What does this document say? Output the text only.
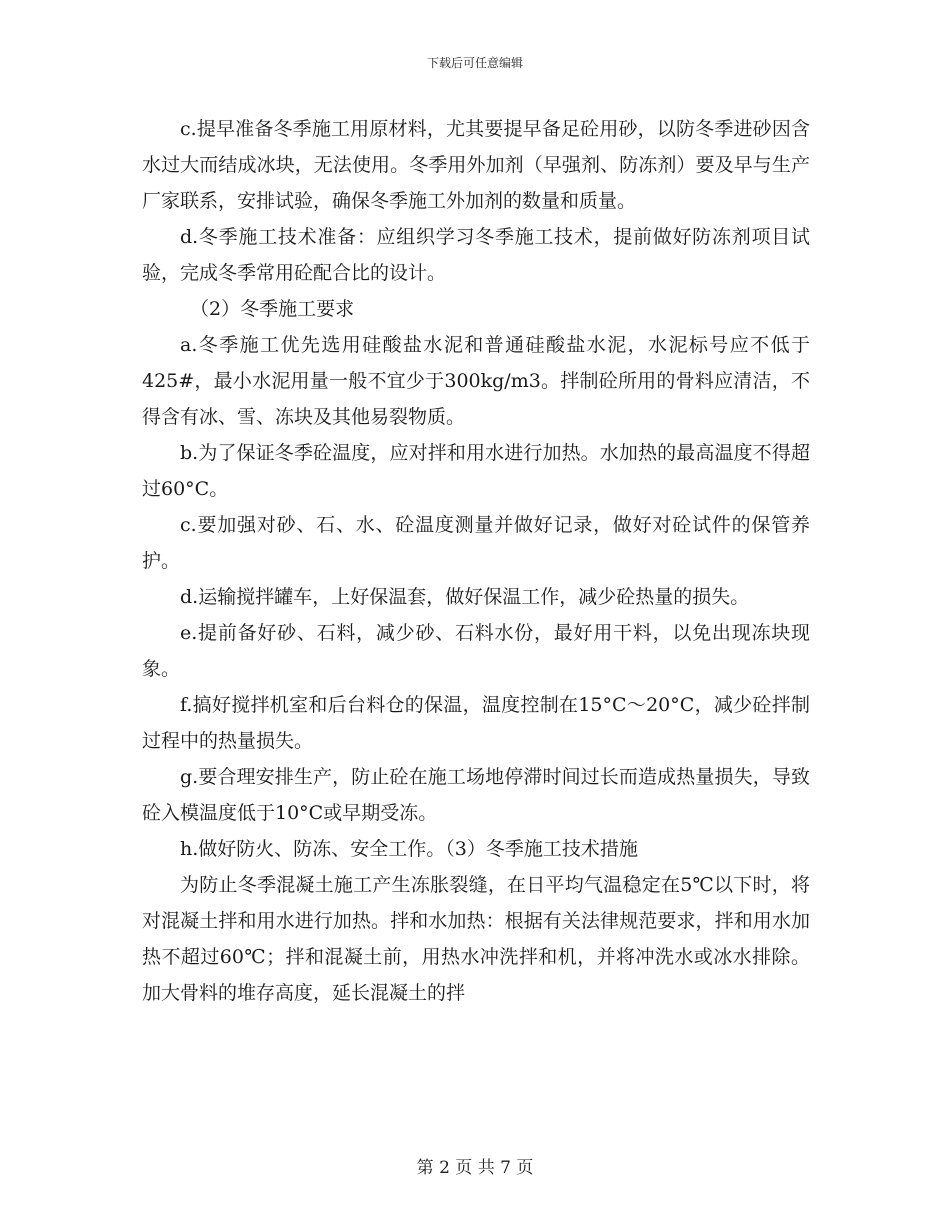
下载后可任意编辑

c.提早准备冬季施工用原材料，尤其要提早备足砼用砂，以防冬季进砂因含水过大而结成冰块，无法使用。冬季用外加剂（早强剂、防冻剂）要及早与生产厂家联系，安排试验，确保冬季施工外加剂的数量和质量。

d.冬季施工技术准备：应组织学习冬季施工技术，提前做好防冻剂项目试验，完成冬季常用砼配合比的设计。

（2）冬季施工要求

a.冬季施工优先选用硅酸盐水泥和普通硅酸盐水泥，水泥标号应不低于425#，最小水泥用量一般不宜少于300kg/m3。拌制砼所用的骨料应清洁，不得含有冰、雪、冻块及其他易裂物质。

b.为了保证冬季砼温度，应对拌和用水进行加热。水加热的最高温度不得超过60°C。

c.要加强对砂、石、水、砼温度测量并做好记录，做好对砼试件的保管养护。

d.运输搅拌罐车，上好保温套，做好保温工作，减少砼热量的损失。

e.提前备好砂、石料，减少砂、石料水份，最好用干料，以免出现冻块现象。

f.搞好搅拌机室和后台料仓的保温，温度控制在15°C～20°C，减少砼拌制过程中的热量损失。

g.要合理安排生产，防止砼在施工场地停滞时间过长而造成热量损失，导致砼入模温度低于10°C或早期受冻。

h.做好防火、防冻、安全工作。（3）冬季施工技术措施

为防止冬季混凝土施工产生冻胀裂缝，在日平均气温稳定在5℃以下时，将对混凝土拌和用水进行加热。拌和水加热：根据有关法律规范要求，拌和用水加热不超过60℃；拌和混凝土前，用热水冲洗拌和机，并将冲洗水或冰水排除。加大骨料的堆存高度，延长混凝土的拌

第 2 页 共 7 页
